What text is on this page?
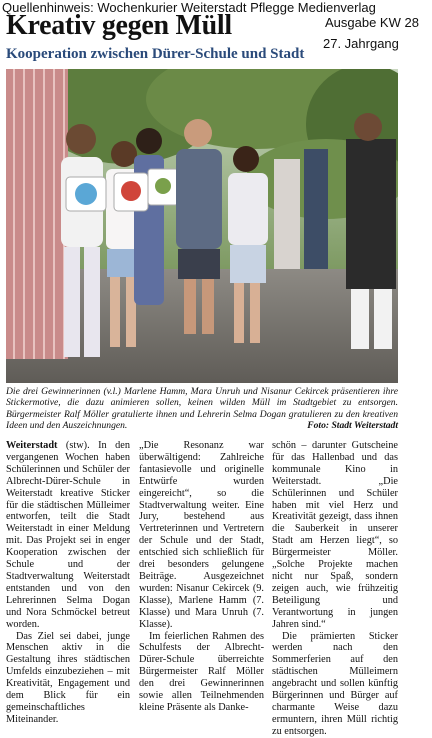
Quellenhinweis: Wochenkurier Weiterstadt Pflegge Medienverlag
Kreativ gegen Müll	Ausgabe KW 28
27. Jahrgang
Kooperation zwischen Dürer-Schule und Stadt
Die drei Gewinnerinnen (v.l.) Marlene Hamm, Mara Unruh und Nisanur Cekircek präsentieren ihre Stickermotive, die dazu animieren sollen, keinen wilden Müll im Stadtgebiet zu entsorgen. Bürgermeister Ralf Möller gratulierte ihnen und Lehrerin Selma Dogan gratulieren zu den kreativen Ideen und den Auszeichnungen.	Foto: Stadt Weiterstadt

Weiterstadt (stw). In den vergangenen Wochen haben Schülerinnen und Schüler der Albrecht-Dürer-Schule in Weiterstadt kreative Sticker für die städtischen Mülleimer entworfen, teilt die Stadt Weiterstadt in einer Meldung mit. Das Projekt sei in enger Kooperation zwischen der Schule und der Stadtverwaltung Weiterstadt entstanden und von den Lehrerinnen Selma Dogan und Nora Schmöckel betreut worden.

Das Ziel sei dabei, junge Menschen aktiv in die Gestaltung ihres städtischen Umfelds einzubeziehen – mit Kreativität, Engagement und dem Blick für ein gemeinschaftliches Miteinander.

„Die Resonanz war überwältigend: Zahlreiche fantasievolle und originelle Entwürfe wurden eingereicht“, so die Stadtverwaltung weiter. Eine Jury, bestehend aus Vertreterinnen und Vertretern der Schule und der Stadt, entschied sich schließlich für drei besonders gelungene Beiträge. Ausgezeichnet wurden: Nisanur Cekircek (9. Klasse), Marlene Hamm (7. Klasse) und Mara Unruh (7. Klasse).

Im feierlichen Rahmen des Schulfests der Albrecht-Dürer-Schule überreichte Bürgermeister Ralf Möller den drei Gewinnerinnen sowie allen Teilnehmenden kleine Präsente als Danke-

schön – darunter Gutscheine für das Hallenbad und das kommunale Kino in Weiterstadt. „Die Schülerinnen und Schüler haben mit viel Herz und Kreativität gezeigt, dass ihnen die Sauberkeit in unserer Stadt am Herzen liegt“, so Bürgermeister Möller. „Solche Projekte machen nicht nur Spaß, sondern zeigen auch, wie frühzeitig Beteiligung und Verantwortung in jungen Jahren sind.“

Die prämierten Sticker werden nach den Sommerferien auf den städtischen Mülleimern angebracht und sollen künftig Bürgerinnen und Bürger auf charmante Weise dazu ermuntern, ihren Müll richtig zu entsorgen.
